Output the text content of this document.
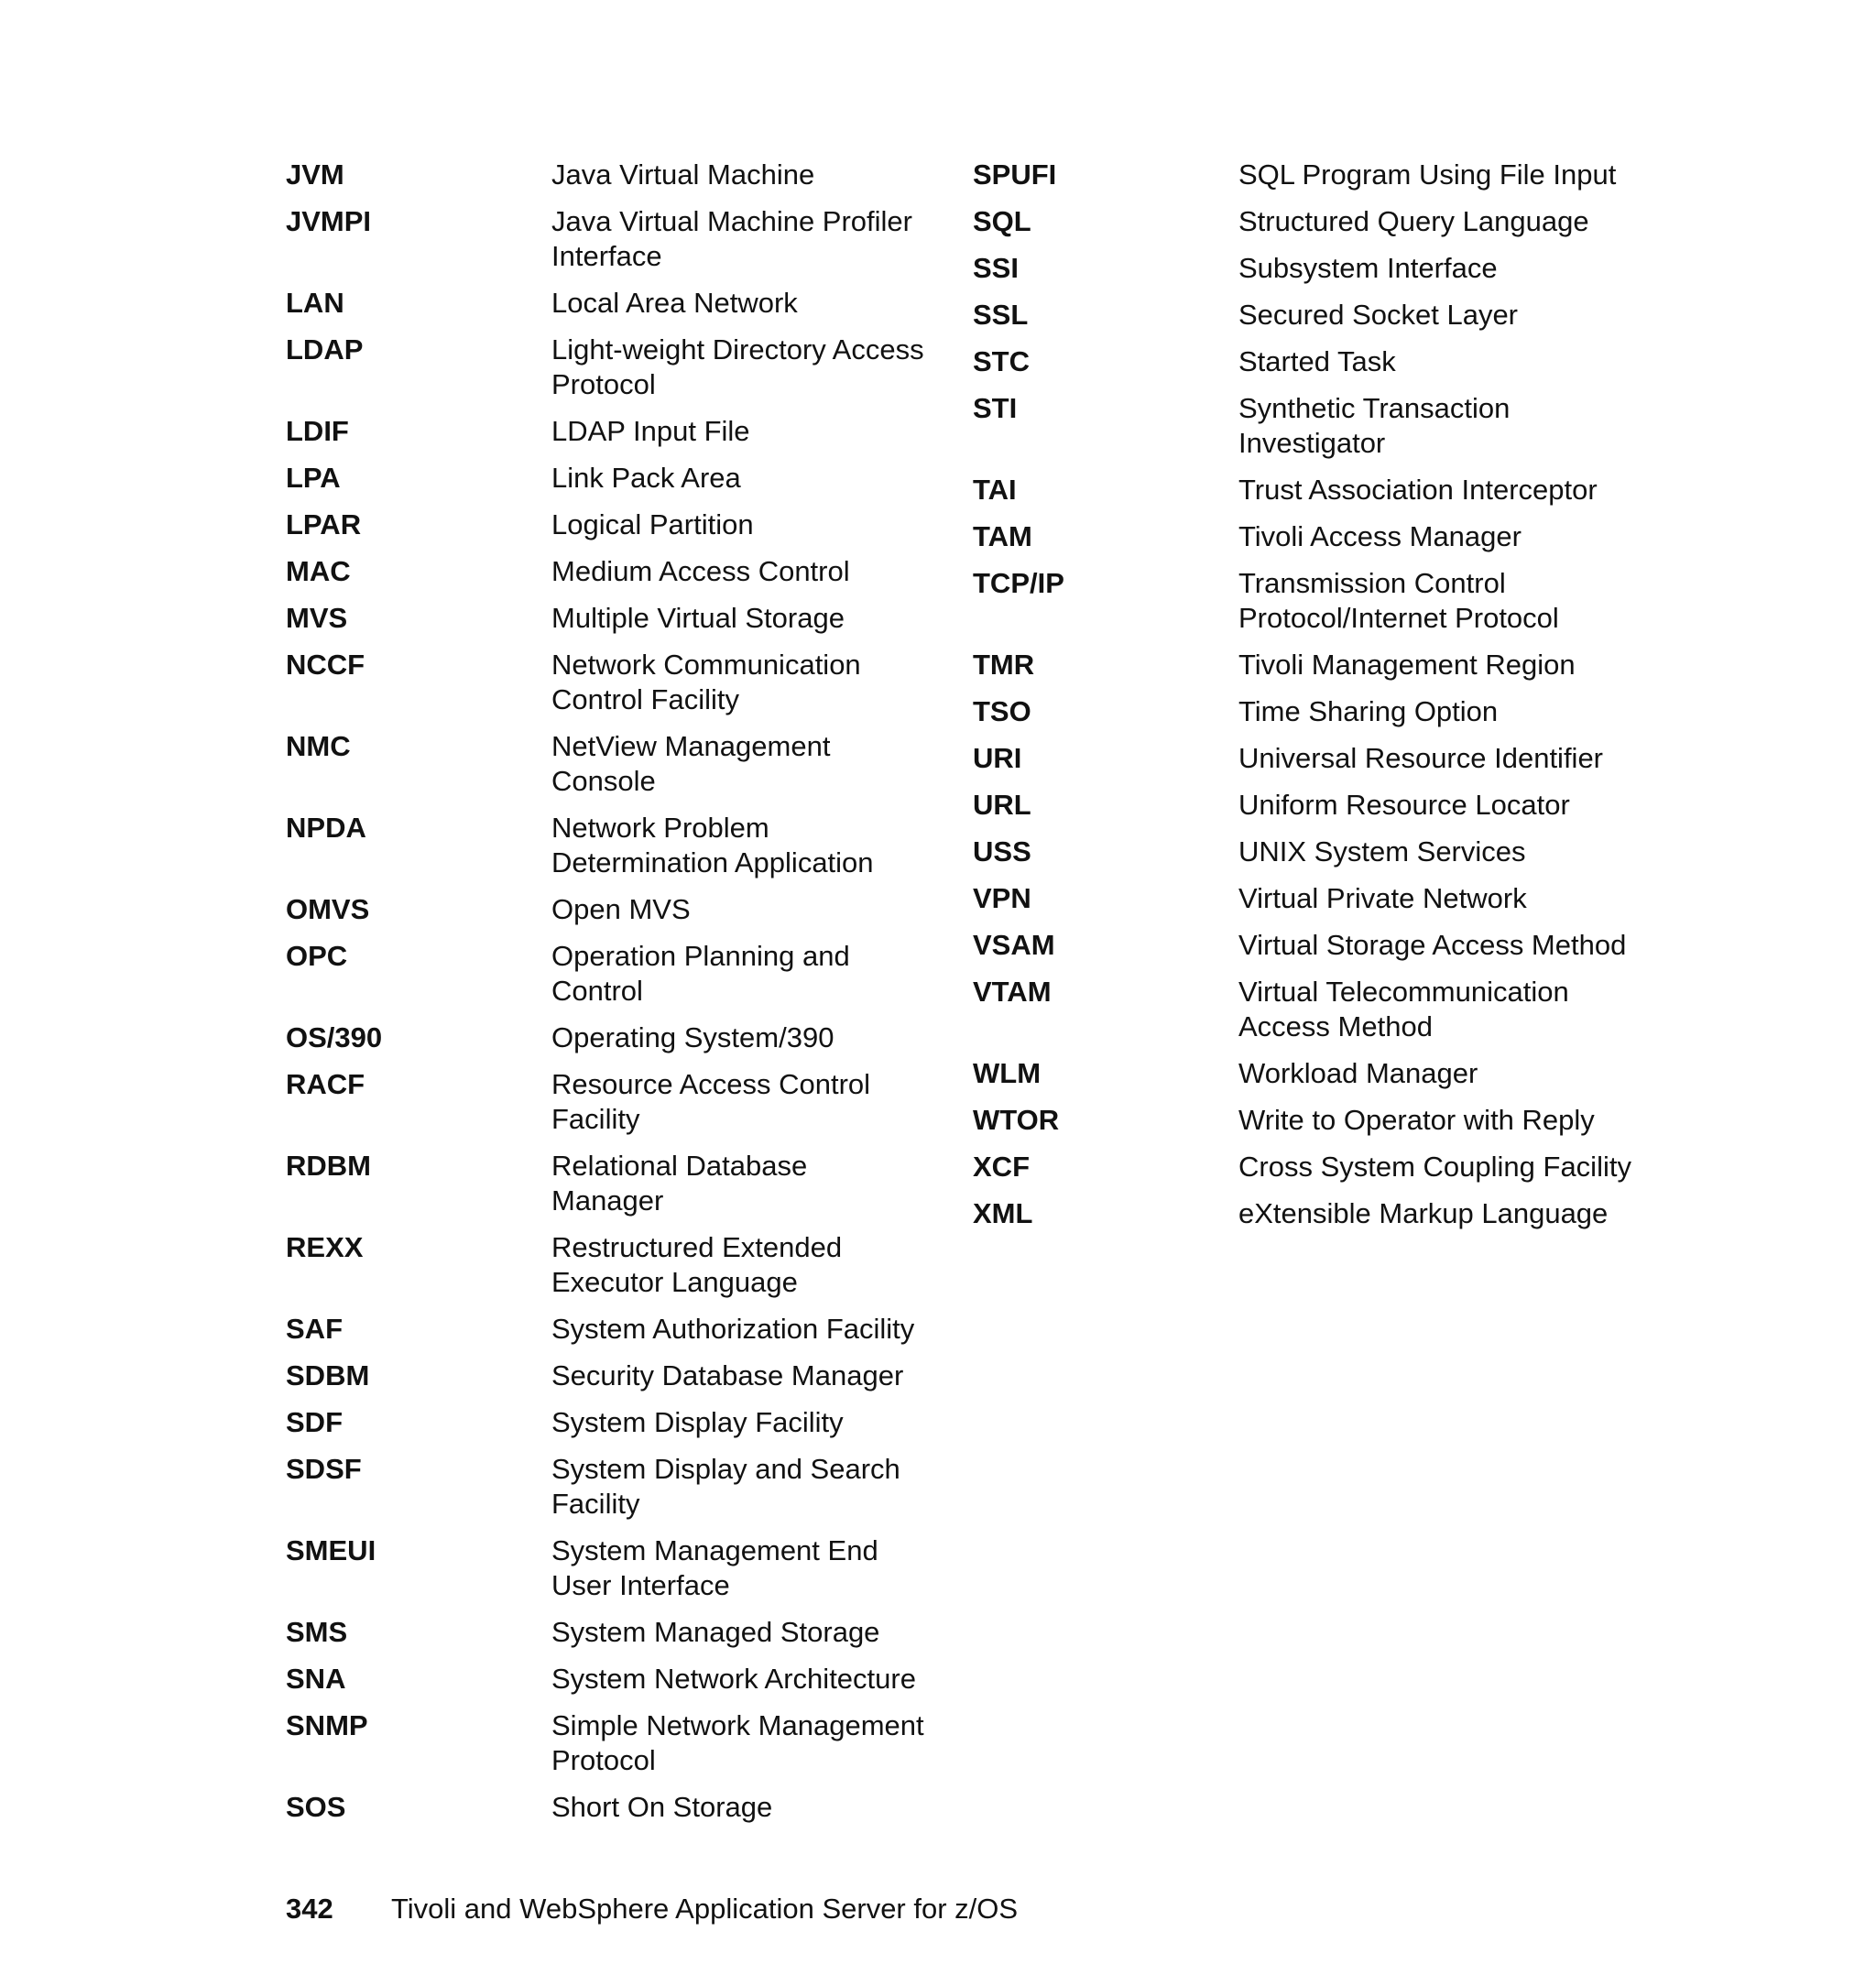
JVM	Java Virtual Machine
JVMPI	Java Virtual Machine Profiler Interface
LAN	Local Area Network
LDAP	Light-weight Directory Access Protocol
LDIF	LDAP Input File
LPA	Link Pack Area
LPAR	Logical Partition
MAC	Medium Access Control
MVS	Multiple Virtual Storage
NCCF	Network Communication Control Facility
NMC	NetView Management Console
NPDA	Network Problem Determination Application
OMVS	Open MVS
OPC	Operation Planning and Control
OS/390	Operating System/390
RACF	Resource Access Control Facility
RDBM	Relational Database Manager
REXX	Restructured Extended Executor Language
SAF	System Authorization Facility
SDBM	Security Database Manager
SDF	System Display Facility
SDSF	System Display and Search Facility
SMEUI	System Management End User Interface
SMS	System Managed Storage
SNA	System Network Architecture
SNMP	Simple Network Management Protocol
SOS	Short On Storage
SPUFI	SQL Program Using File Input
SQL	Structured Query Language
SSI	Subsystem Interface
SSL	Secured Socket Layer
STC	Started Task
STI	Synthetic Transaction Investigator
TAI	Trust Association Interceptor
TAM	Tivoli Access Manager
TCP/IP	Transmission Control Protocol/Internet Protocol
TMR	Tivoli Management Region
TSO	Time Sharing Option
URI	Universal Resource Identifier
URL	Uniform Resource Locator
USS	UNIX System Services
VPN	Virtual Private Network
VSAM	Virtual Storage Access Method
VTAM	Virtual Telecommunication Access Method
WLM	Workload Manager
WTOR	Write to Operator with Reply
XCF	Cross System Coupling Facility
XML	eXtensible Markup Language
342 Tivoli and WebSphere Application Server for z/OS
